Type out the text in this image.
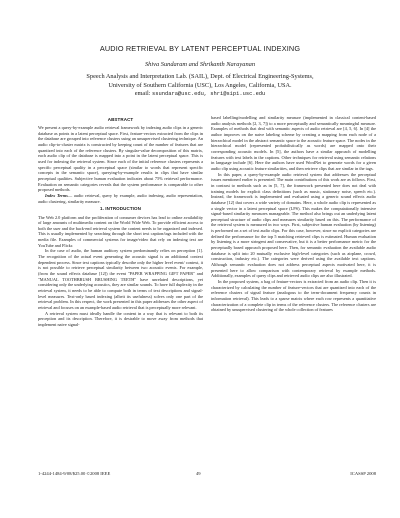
AUDIO RETRIEVAL BY LATENT PERCEPTUAL INDEXING
Shiva Sundaram and Shrikanth Narayanan
Speech Analysis and Interpretation Lab. (SAIL), Dept. of Electrical Engineering-Systems,
University of Southern California (USC), Los Angeles, California, USA.
email: ssundara@usc.edu, shri@sipi.usc.edu
ABSTRACT

We present a query-by-example audio retrieval framework by indexing audio clips in a generic database as points in a latent perceptual space. First, feature-vectors extracted from the clips in the database are grouped into reference clusters using an unsupervised clustering technique. An audio clip-to-cluster matrix is constructed by keeping count of the number of features that are quantized into each of the reference clusters. By singular-value decomposition of this matrix, each audio clip of the database is mapped into a point in the latent perceptual space. This is used for indexing the retrieval system. Since each of the initial reference clusters represents a specific perceptual quality in a perceptual space (similar to words that represent specific concepts in the semantic space), querying-by-example results in clips that have similar perceptual qualities. Subjective human evaluation indicates about 75% retrieval performance. Evaluation on semantic categories reveals that the system performance is comparable to other proposed methods.

Index Terms— audio retrieval, query by example, audio indexing, audio representation, audio clustering, similarity measure.

1. INTRODUCTION

The Web 2.0 platform and the proliferation of consumer devices has lead to online availability of large amounts of multimedia content on the World Wide Web. To provide efficient access to both the user and the back-end retrieval system the content needs to be organized and indexed. This is usually implemented by searching through the short text caption/tags included with the media file. Examples of commercial systems for image/video that rely on indexing text are YouTube and Flickr.

In the case of audio, the human auditory system predominantly relies on perception [1]. The recognition of the actual event generating the acoustic signal is an additional context dependent process. Since text captions typically describe only the higher level event/ context, it is not possible to retrieve perceptual similarity between two acoustic events. For example, (from the sound effects database [12]) the event "PAPER WRAPPING GIFT PAPER" and "MANUAL TOOTHBRUSH BRUSHING TEETH" have unrelated descriptions, yet considering only the underlying acoustics, they are similar sounds. To have full duplexity in the retrieval system, it needs to be able to compute both in terms of text descriptions and signal-level measures. Text-only based indexing (albeit its usefulness) solves only one part of the retrieval problem. In this respect, the work presented in this paper addresses the other aspect of retrieval and focuses on an example-based audio retrieval that is perceptually more relevant.

A retrieval system must ideally handle the content in a way that is relevant to both its perception and its description. Therefore, it is desirable to move away from methods that implement naive signal-

based labelling/modelling and similarity measure (implemented in classical content-based audio analysis methods [2, 3, 7]) to a more perceptually and semantically meaningful measure. Examples of methods that deal with semantic aspects of audio retrieval are [4, 5, 6]. In [4] the author improves on the naive labeling scheme by creating a mapping from each node of a hierarchical model in the abstract semantic space to the acoustic feature space. The nodes in the hierarchical model (represented probabilistically as words) are mapped onto their corresponding acoustic models. In [5], the authors have a similar approach of modelling features with text labels in the captions. Other techniques for retrieval using semantic relations in language include [6]. Here the authors have used WordNet to generate words for a given audio clip using acoustic feature similarities, and then retrieve clips that are similar in the tags.

In this paper, a query-by-example audio retrieval system that addresses the perceptual issues mentioned earlier is presented. The main contributions of this work are as follows. First, in contrast to methods such as in [5, 7], the framework presented here does not deal with training models for explicit class definitions (such as music, stationary noise, speech etc.). Instead, the framework is implemented and evaluated using a generic sound effects audio database [12] that covers a wide variety of domains. Here, a whole audio clip is represented as a single vector in a latent perceptual space (LPS). This makes the computationally intensive signal-based similarity measures manageable. The method also brings out an underlying latent perceptual structure of audio clips and measures similarity based on this. The performance of the retrieval system is measured in two ways. First, subjective human evaluation (by listening) is performed on a set of test audio clips. For this case, however, since no explicit categories are defined the performance for the top 5 matching retrieved clips is estimated. Human evaluation by listening is a more stringent and conservative, but it is a better performance metric for the perceptually based approach proposed here. Then, for semantic evaluation the available audio database is split into 20 mutually exclusive high-level categories (such as airplane, crowd, construction, industry etc.). The categories were derived using the available text captions. Although semantic evaluation does not address perceptual aspects motivated here, it is presented here to allow comparison with contemporary retrieval by example methods. Additionally, examples of query clips and retrieved audio clips are also illustrated.

In the proposed system, a bag of feature-vectors is extracted from an audio clip. Then it is characterized by calculating the number of feature-vectors that are quantized into each of the reference clusters of signal feature (analogous to the term-document frequency counts in information retrieval). This leads to a sparse matrix where each row represents a quantitative characterization of a complete clip in terms of the reference clusters. The reference clusters are obtained by unsupervised clustering of the whole collection of features

1-4244-1484-9/08/$25.00 ©2008 IEEE	49	ICASSP 2008
